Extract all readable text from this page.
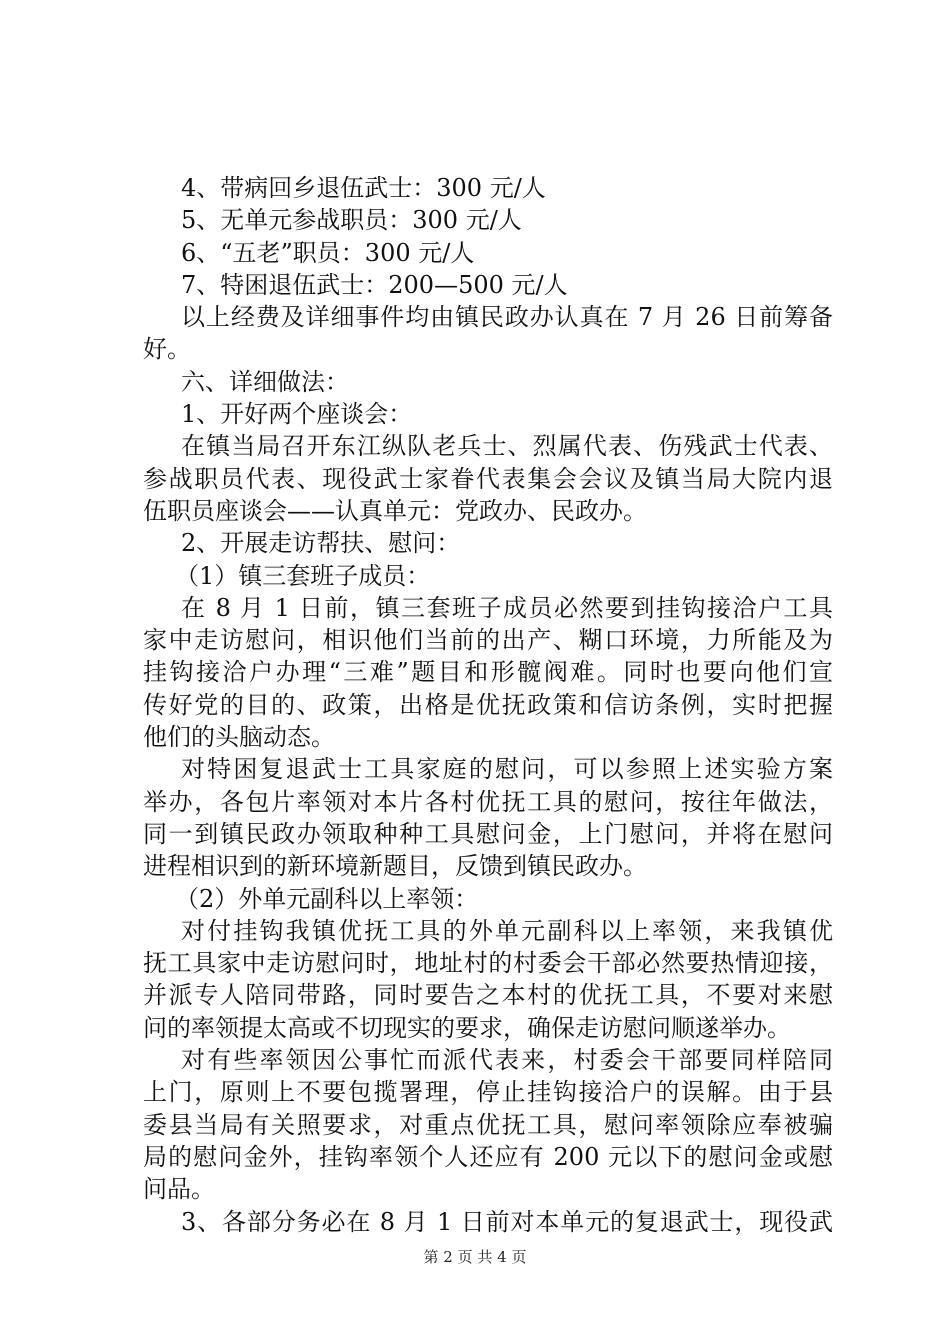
4、带病回乡退伍武士：300 元/人
5、无单元参战职员：300 元/人
6、“五老”职员：300 元/人
7、特困退伍武士：200—500 元/人
以上经费及详细事件均由镇民政办认真在 7 月 26 日前筹备
好。
六、详细做法：
1、开好两个座谈会：
在镇当局召开东江纵队老兵士、烈属代表、伤残武士代表、
参战职员代表、现役武士家眷代表集会会议及镇当局大院内退
伍职员座谈会——认真单元：党政办、民政办。
2、开展走访帮扶、慰问：
（1）镇三套班子成员：
在 8 月 1 日前，镇三套班子成员必然要到挂钩接洽户工具
家中走访慰问，相识他们当前的出产、糊口环境，力所能及为
挂钩接洽户办理“三难”题目和形髋阀难。同时也要向他们宣
传好党的目的、政策，出格是优抚政策和信访条例，实时把握
他们的头脑动态。
对特困复退武士工具家庭的慰问，可以参照上述实验方案
举办，各包片率领对本片各村优抚工具的慰问，按往年做法，
同一到镇民政办领取种种工具慰问金，上门慰问，并将在慰问
进程相识到的新环境新题目，反馈到镇民政办。
（2）外单元副科以上率领：
对付挂钩我镇优抚工具的外单元副科以上率领，来我镇优
抚工具家中走访慰问时，地址村的村委会干部必然要热情迎接，
并派专人陪同带路，同时要告之本村的优抚工具，不要对来慰
问的率领提太高或不切现实的要求，确保走访慰问顺遂举办。
对有些率领因公事忙而派代表来，村委会干部要同样陪同
上门，原则上不要包揽署理，停止挂钩接洽户的误解。由于县
委县当局有关照要求，对重点优抚工具，慰问率领除应奉被骗
局的慰问金外，挂钩率领个人还应有 200 元以下的慰问金或慰
问品。
3、各部分务必在 8 月 1 日前对本单元的复退武士，现役武
第 2 页 共 4 页
